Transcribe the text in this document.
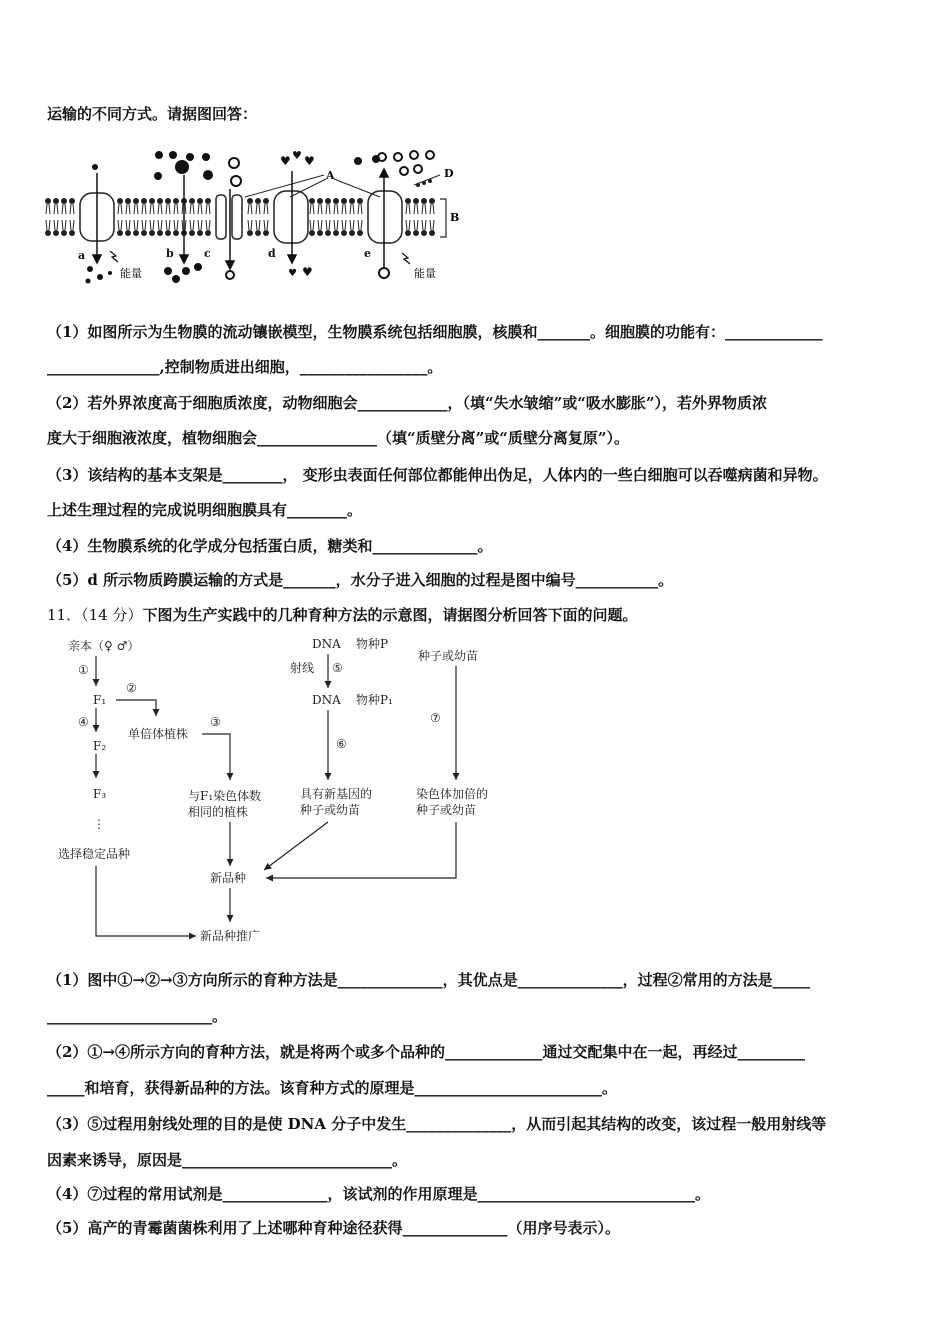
运输的不同方式。请据图回答：
B
A	D
♥ ♥ ♥
♥
♥
a	b	c	d	e
能量	能量
（1）如图所示为生物膜的流动镶嵌模型，生物膜系统包括细胞膜，核膜和_______。细胞膜的功能有：_____________
_______________,控制物质进出细胞，_________________。
（2）若外界浓度高于细胞质浓度，动物细胞会____________，（填“失水皱缩”或“吸水膨胀”），若外界物质浓
度大于细胞液浓度，植物细胞会________________（填“质壁分离”或“质壁分离复原”）。
（3）该结构的基本支架是________， 变形虫表面任何部位都能伸出伪足，人体内的一些白细胞可以吞噬病菌和异物。
上述生理过程的完成说明细胞膜具有________。
（4）生物膜系统的化学成分包括蛋白质，糖类和______________。
（5）d 所示物质跨膜运输的方式是_______，水分子进入细胞的过程是图中编号___________。
11．（14 分）下图为生产实践中的几种育种方法的示意图，请据图分析回答下面的问题。
亲本（♀ ♂）
①
F₁
②
④
F₂
F₃
⋮
选择稳定品种
单倍体植株
③
与F₁染色体数
相同的植株
DNA 物种P
射线 ⑤
DNA 物种P₁
⑥
具有新基因的
种子或幼苗
种子或幼苗
⑦
染色体加倍的
种子或幼苗
新品种
新品种推广
（1）图中①→②→③方向所示的育种方法是______________，其优点是______________，过程②常用的方法是_____
______________________。
（2）①→④所示方向的育种方法，就是将两个或多个品种的_____________通过交配集中在一起，再经过_________
_____和培育，获得新品种的方法。该育种方式的原理是_________________________。
（3）⑤过程用射线处理的目的是使 DNA 分子中发生______________，从而引起其结构的改变，该过程一般用射线等
因素来诱导，原因是____________________________。
（4）⑦过程的常用试剂是______________，该试剂的作用原理是_____________________________。
（5）高产的青霉菌菌株利用了上述哪种育种途径获得______________（用序号表示）。
